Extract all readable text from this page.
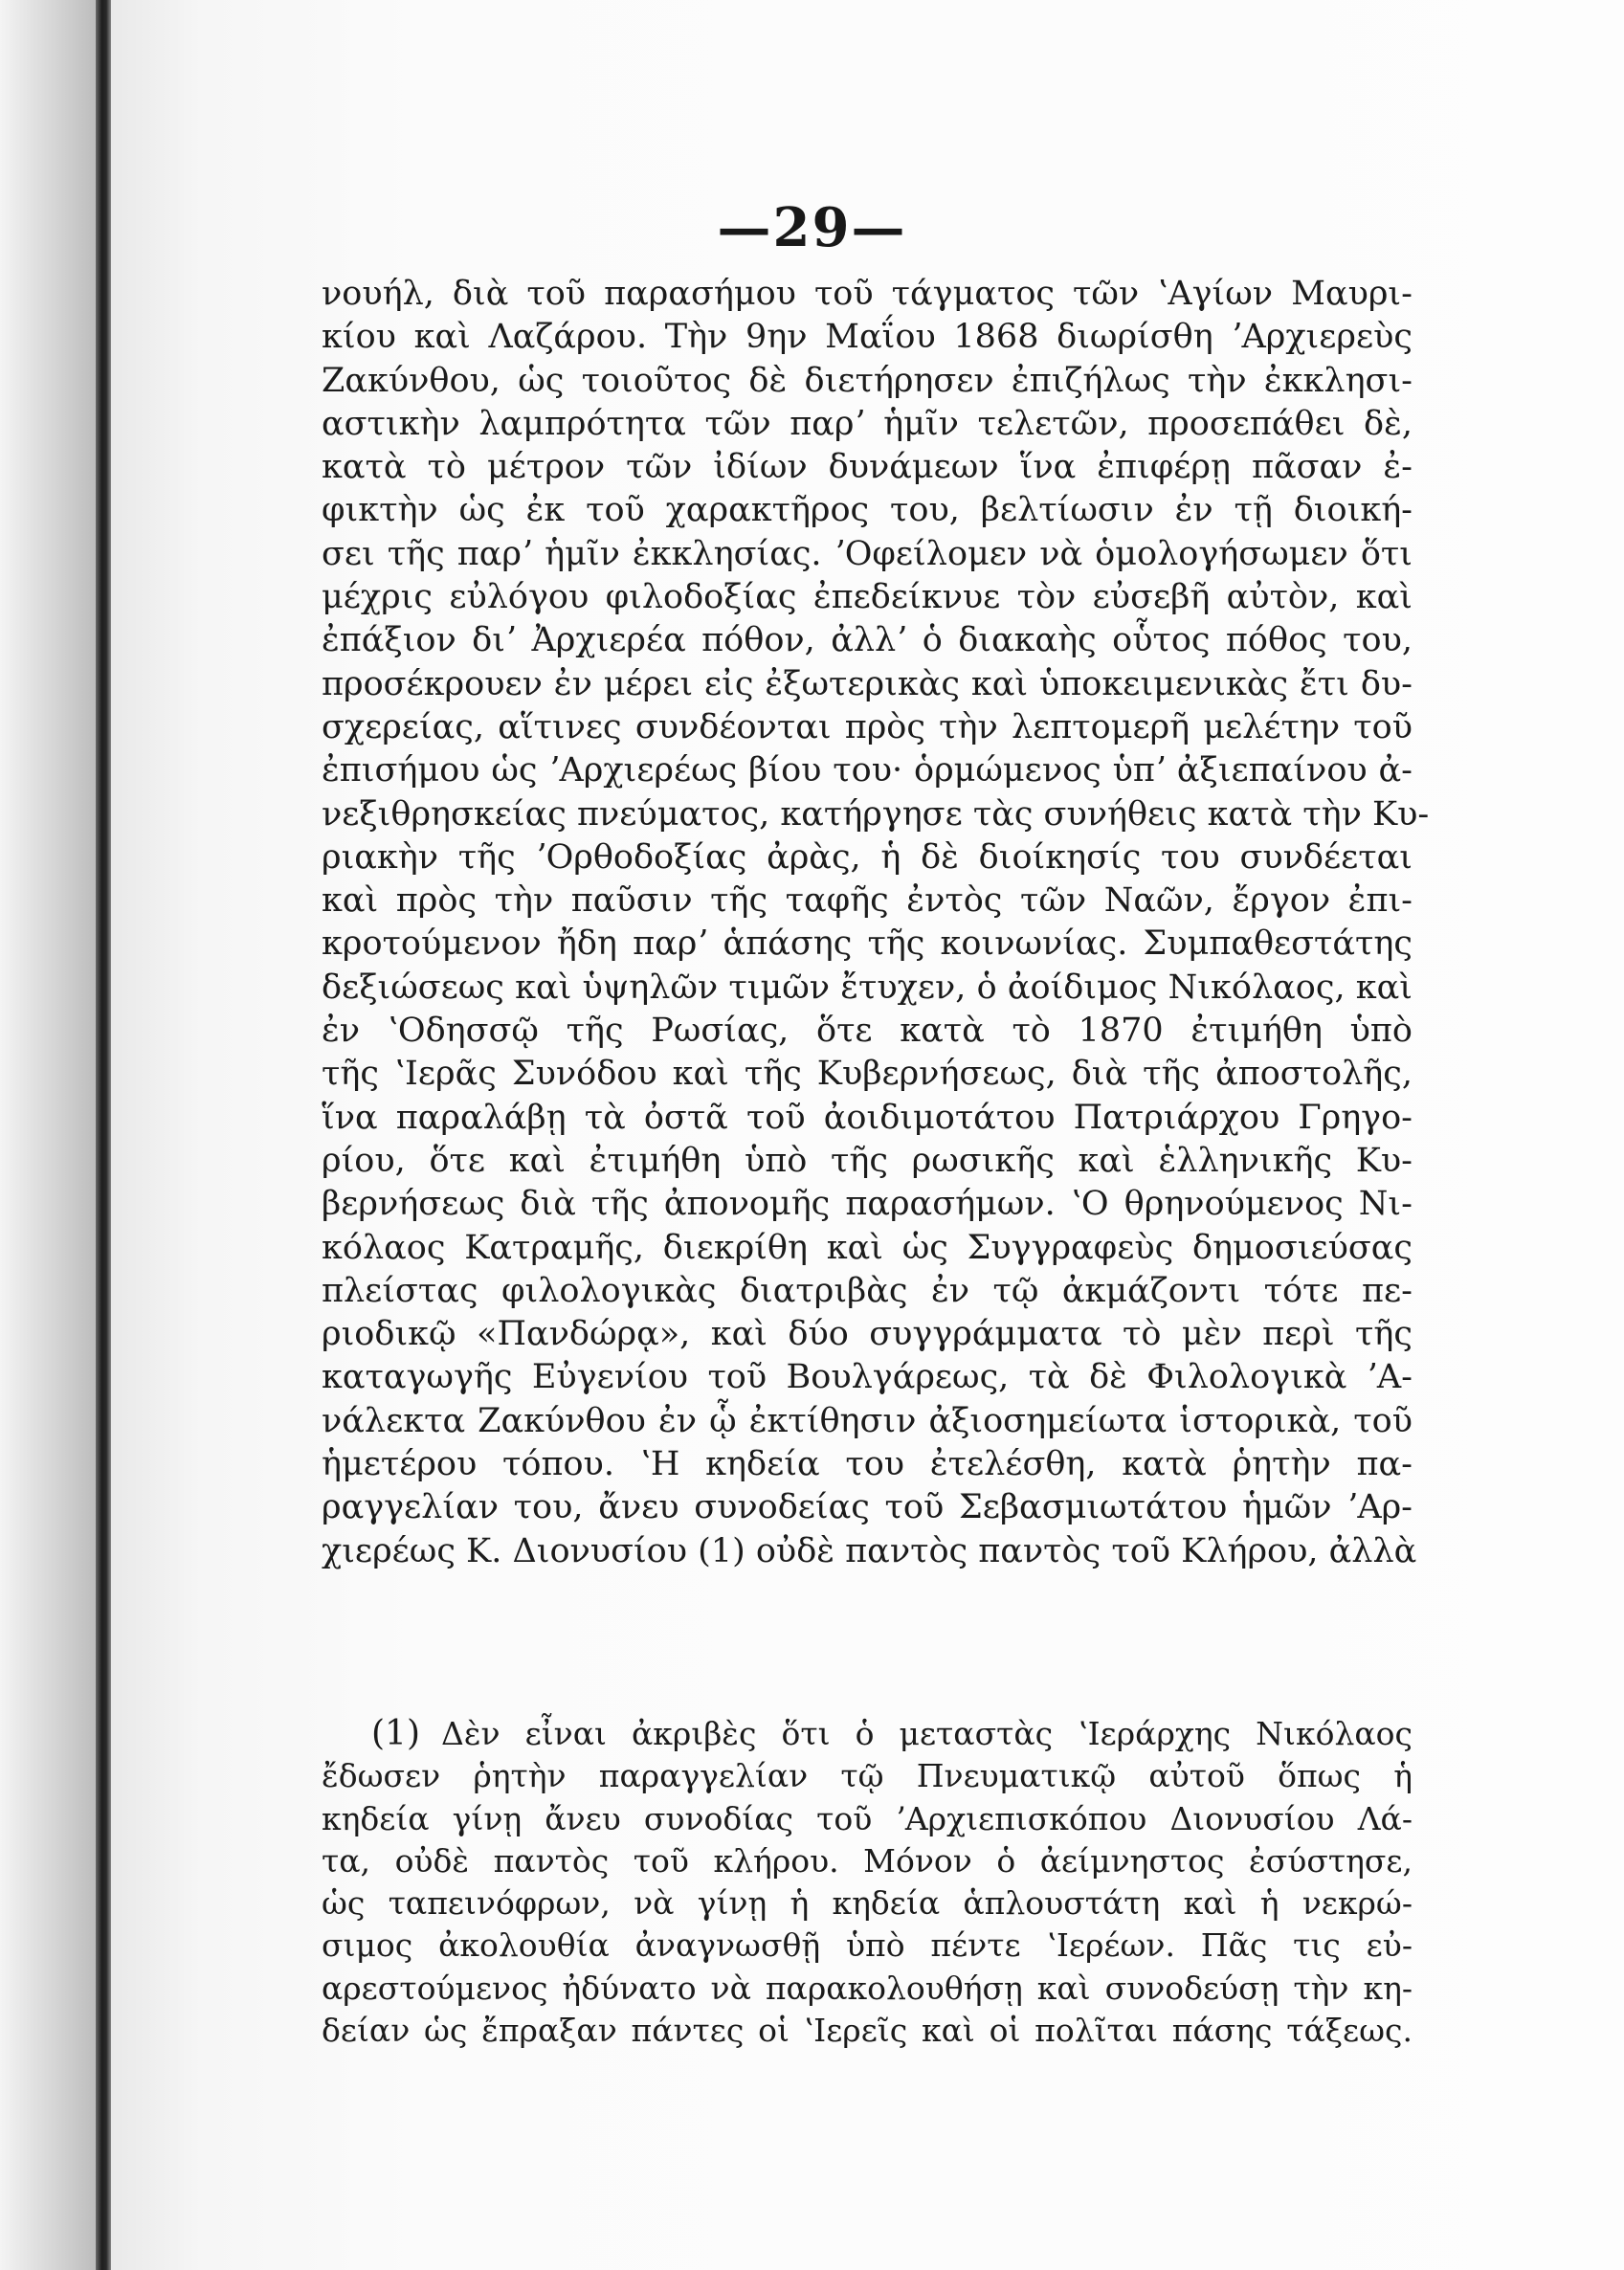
—29—
νουήλ, διὰ τοῦ παρασήμου τοῦ τάγματος τῶν ʽΑγίων Μαυρι-
κίου καὶ Λαζάρου. Τὴν 9ην Μαΐου 1868 διωρίσθη ʼΑρχιερεὺς
Ζακύνθου, ὡς τοιοῦτος δὲ διετήρησεν ἐπιζήλως τὴν ἐκκλησι-
αστικὴν λαμπρότητα τῶν παρʼ ἡμῖν τελετῶν, προσεπάθει δὲ,
κατὰ τὸ μέτρον τῶν ἰδίων δυνάμεων ἵνα ἐπιφέρῃ πᾶσαν ἐ-
φικτὴν ὡς ἐκ τοῦ χαρακτῆρος του, βελτίωσιν ἐν τῇ διοική-
σει τῆς παρʼ ἡμῖν ἐκκλησίας. ʼΟφείλομεν νὰ ὁμολογήσωμεν ὅτι
μέχρις εὐλόγου φιλοδοξίας ἐπεδείκνυε τὸν εὐσεβῆ αὐτὸν, καὶ
ἐπάξιον διʼ Ἀρχιερέα πόθον, ἀλλʼ ὁ διακαὴς οὗτος πόθος του,
προσέκρουεν ἐν μέρει εἰς ἐξωτερικὰς καὶ ὑποκειμενικὰς ἔτι δυ-
σχερείας, αἵτινες συνδέονται πρὸς τὴν λεπτομερῆ μελέτην τοῦ
ἐπισήμου ὡς ʼΑρχιερέως βίου του· ὁρμώμενος ὑπʼ ἀξιεπαίνου ἀ-
νεξιθρησκείας πνεύματος, κατήργησε τὰς συνήθεις κατὰ τὴν Κυ-
ριακὴν τῆς ʼΟρθοδοξίας ἀρὰς, ἡ δὲ διοίκησίς του συνδέεται
καὶ πρὸς τὴν παῦσιν τῆς ταφῆς ἐντὸς τῶν Ναῶν, ἔργον ἐπι-
κροτούμενον ἤδη παρʼ ἁπάσης τῆς κοινωνίας. Συμπαθεστάτης
δεξιώσεως καὶ ὑψηλῶν τιμῶν ἔτυχεν, ὁ ἀοίδιμος Νικόλαος, καὶ
ἐν ʽΟδησσῷ τῆς Ρωσίας, ὅτε κατὰ τὸ 1870 ἐτιμήθη ὑπὸ
τῆς ʽΙερᾶς Συνόδου καὶ τῆς Κυβερνήσεως, διὰ τῆς ἀποστολῆς,
ἵνα παραλάβῃ τὰ ὀστᾶ τοῦ ἀοιδιμοτάτου Πατριάρχου Γρηγο-
ρίου, ὅτε καὶ ἐτιμήθη ὑπὸ τῆς ρωσικῆς καὶ ἑλληνικῆς Κυ-
βερνήσεως διὰ τῆς ἀπονομῆς παρασήμων. ʽΟ θρηνούμενος Νι-
κόλαος Κατραμῆς, διεκρίθη καὶ ὡς Συγγραφεὺς δημοσιεύσας
πλείστας φιλολογικὰς διατριβὰς ἐν τῷ ἀκμάζοντι τότε πε-
ριοδικῷ «Πανδώρᾳ», καὶ δύο συγγράμματα τὸ μὲν περὶ τῆς
καταγωγῆς Εὐγενίου τοῦ Βουλγάρεως, τὰ δὲ Φιλολογικὰ ʼΑ-
νάλεκτα Ζακύνθου ἐν ᾧ ἐκτίθησιν ἀξιοσημείωτα ἱστορικὰ, τοῦ
ἡμετέρου τόπου. ʽΗ κηδεία του ἐτελέσθη, κατὰ ῥητὴν πα-
ραγγελίαν του, ἄνευ συνοδείας τοῦ Σεβασμιωτάτου ἡμῶν ʼΑρ-
χιερέως Κ. Διονυσίου (1) οὐδὲ παντὸς παντὸς τοῦ Κλήρου, ἀλλὰ
(1) Δὲν εἶναι ἀκριβὲς ὅτι ὁ μεταστὰς ʽΙεράρχης Νικόλαος
ἔδωσεν ῥητὴν παραγγελίαν τῷ Πνευματικῷ αὐτοῦ ὅπως ἡ
κηδεία γίνῃ ἄνευ συνοδίας τοῦ ʼΑρχιεπισκόπου Διονυσίου Λά-
τα, οὐδὲ παντὸς τοῦ κλήρου. Μόνον ὁ ἀείμνηστος ἐσύστησε,
ὡς ταπεινόφρων, νὰ γίνῃ ἡ κηδεία ἁπλουστάτη καὶ ἡ νεκρώ-
σιμος ἀκολουθία ἀναγνωσθῇ ὑπὸ πέντε ʽΙερέων. Πᾶς τις εὐ-
αρεστούμενος ἠδύνατο νὰ παρακολουθήσῃ καὶ συνοδεύσῃ τὴν κη-
δείαν ὡς ἔπραξαν πάντες οἱ ʽΙερεῖς καὶ οἱ πολῖται πάσης τάξεως.
